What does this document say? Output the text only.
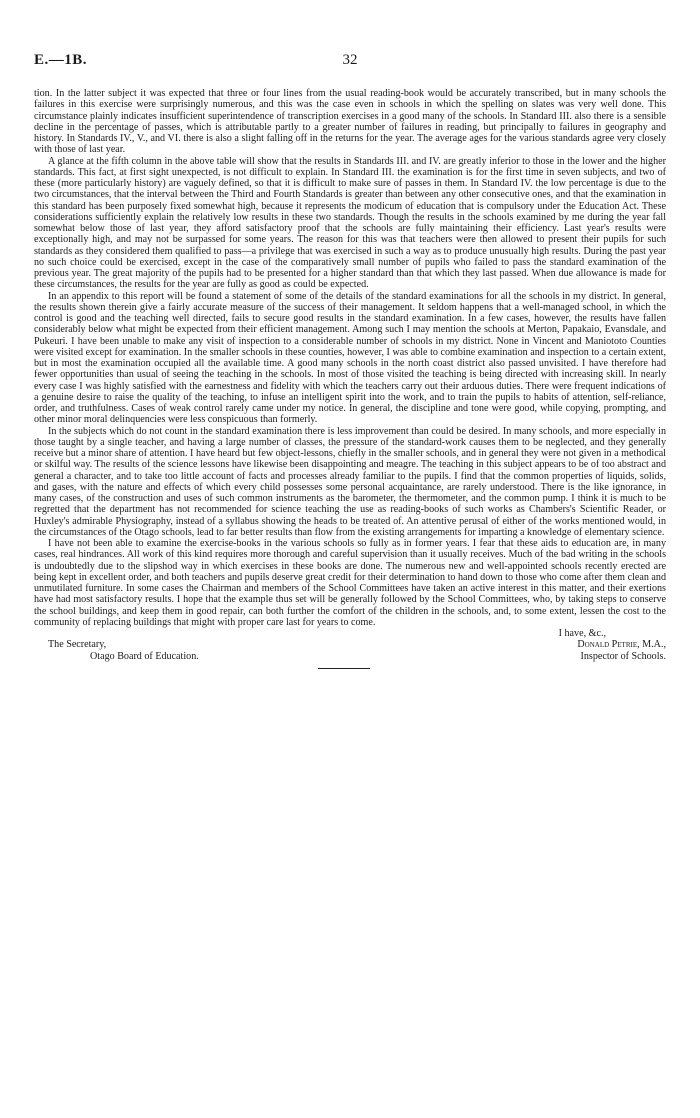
E.—1B.	32

tion. In the latter subject it was expected that three or four lines from the usual reading-book would be accurately transcribed, but in many schools the failures in this exercise were surprisingly numerous, and this was the case even in schools in which the spelling on slates was very well done. This circumstance plainly indicates insufficient superintendence of transcription exercises in a good many of the schools. In Standard III. also there is a sensible decline in the percentage of passes, which is attributable partly to a greater number of failures in reading, but principally to failures in geography and history. In Standards IV., V., and VI. there is also a slight falling off in the returns for the year. The average ages for the various standards agree very closely with those of last year.

A glance at the fifth column in the above table will show that the results in Standards III. and IV. are greatly inferior to those in the lower and the higher standards. This fact, at first sight unexpected, is not difficult to explain. In Standard III. the examination is for the first time in seven subjects, and two of these (more particularly history) are vaguely defined, so that it is difficult to make sure of passes in them. In Standard IV. the low percentage is due to the two circumstances, that the interval between the Third and Fourth Standards is greater than between any other consecutive ones, and that the examination in this standard has been purposely fixed somewhat high, because it represents the modicum of education that is compulsory under the Education Act. These considerations sufficiently explain the relatively low results in these two standards. Though the results in the schools examined by me during the year fall somewhat below those of last year, they afford satisfactory proof that the schools are fully maintaining their efficiency. Last year's results were exceptionally high, and may not be surpassed for some years. The reason for this was that teachers were then allowed to present their pupils for such standards as they considered them qualified to pass—a privilege that was exercised in such a way as to produce unusually high results. During the past year no such choice could be exercised, except in the case of the comparatively small number of pupils who failed to pass the standard examination of the previous year. The great majority of the pupils had to be presented for a higher standard than that which they last passed. When due allowance is made for these circumstances, the results for the year are fully as good as could be expected.

In an appendix to this report will be found a statement of some of the details of the standard examinations for all the schools in my district. In general, the results shown therein give a fairly accurate measure of the success of their management. It seldom happens that a well-managed school, in which the control is good and the teaching well directed, fails to secure good results in the standard examination. In a few cases, however, the results have fallen considerably below what might be expected from their efficient management. Among such I may mention the schools at Merton, Papakaio, Evansdale, and Pukeuri. I have been unable to make any visit of inspection to a considerable number of schools in my district. None in Vincent and Maniototo Counties were visited except for examination. In the smaller schools in these counties, however, I was able to combine examination and inspection to a certain extent, but in most the examination occupied all the available time. A good many schools in the north coast district also passed unvisited. I have therefore had fewer opportunities than usual of seeing the teaching in the schools. In most of those visited the teaching is being directed with increasing skill. In nearly every case I was highly satisfied with the earnestness and fidelity with which the teachers carry out their arduous duties. There were frequent indications of a genuine desire to raise the quality of the teaching, to infuse an intelligent spirit into the work, and to train the pupils to habits of attention, self-reliance, order, and truthfulness. Cases of weak control rarely came under my notice. In general, the discipline and tone were good, while copying, prompting, and other minor moral delinquencies were less conspicuous than formerly.

In the subjects which do not count in the standard examination there is less improvement than could be desired. In many schools, and more especially in those taught by a single teacher, and having a large number of classes, the pressure of the standard-work causes them to be neglected, and they generally receive but a minor share of attention. I have heard but few object-lessons, chiefly in the smaller schools, and in general they were not given in a methodical or skilful way. The results of the science lessons have likewise been disappointing and meagre. The teaching in this subject appears to be of too abstract and general a character, and to take too little account of facts and processes already familiar to the pupils. I find that the common properties of liquids, solids, and gases, with the nature and effects of which every child possesses some personal acquaintance, are rarely understood. There is the like ignorance, in many cases, of the construction and uses of such common instruments as the barometer, the thermometer, and the common pump. I think it is much to be regretted that the department has not recommended for science teaching the use as reading-books of such works as Chambers's Scientific Reader, or Huxley's admirable Physiography, instead of a syllabus showing the heads to be treated of. An attentive perusal of either of the works mentioned would, in the circumstances of the Otago schools, lead to far better results than flow from the existing arrangements for imparting a knowledge of elementary science.

I have not been able to examine the exercise-books in the various schools so fully as in former years. I fear that these aids to education are, in many cases, real hindrances. All work of this kind requires more thorough and careful supervision than it usually receives. Much of the bad writing in the schools is undoubtedly due to the slipshod way in which exercises in these books are done. The numerous new and well-appointed schools recently erected are being kept in excellent order, and both teachers and pupils deserve great credit for their determination to hand down to those who come after them clean and unmutilated furniture. In some cases the Chairman and members of the School Committees have taken an active interest in this matter, and their exertions have had most satisfactory results. I hope that the example thus set will be generally followed by the School Committees, who, by taking steps to conserve the school buildings, and keep them in good repair, can both further the comfort of the children in the schools, and, to some extent, lessen the cost to the community of replacing buildings that might with proper care last for years to come.

I have, &c.,
The Secretary,	Donald Petrie, M.A.,
Otago Board of Education.	Inspector of Schools.
